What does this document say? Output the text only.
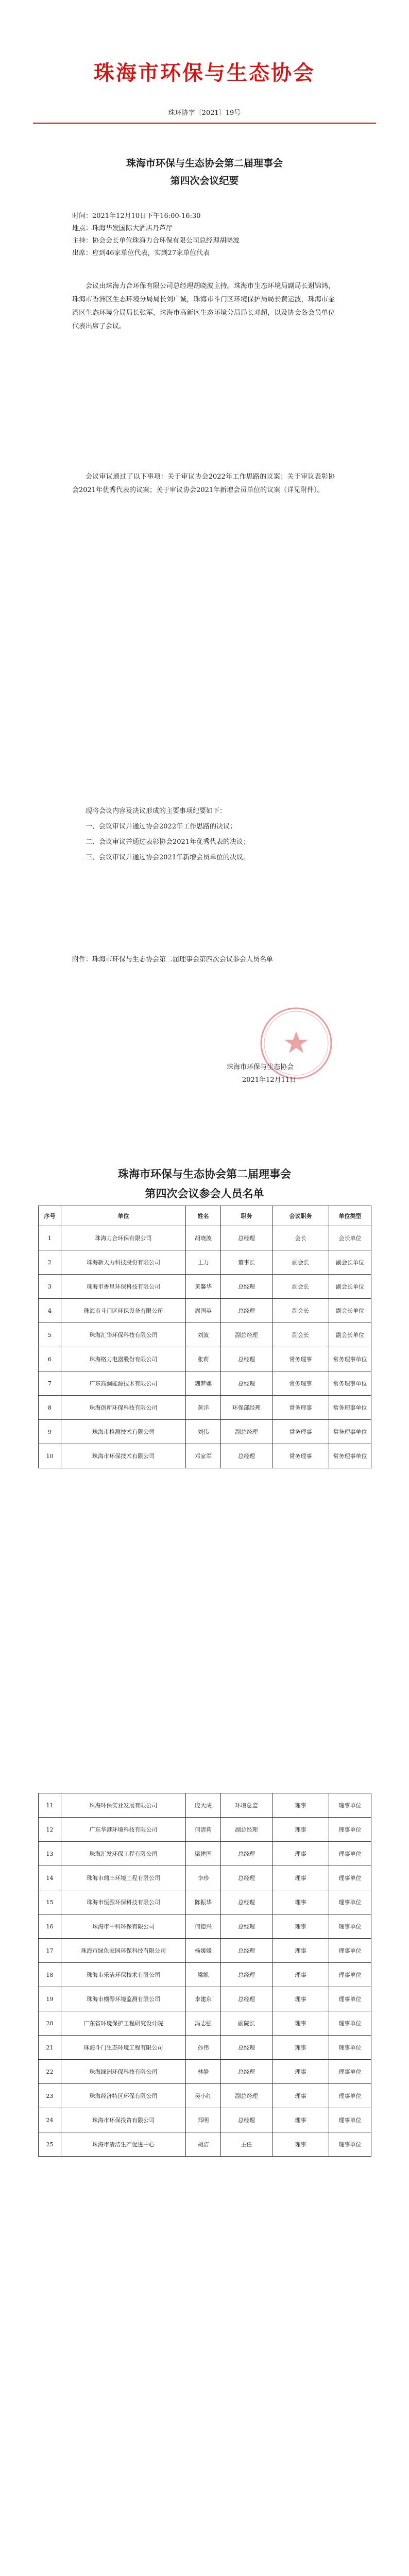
珠海市环保与生态协会
珠环协字〔2021〕19号
珠海市环保与生态协会第二届理事会
第四次会议纪要
时间： 2021年12月10日下午16:00-16:30
地点： 珠海华发国际大酒店丹芦厅
主持： 协会会长单位珠海力合环保有限公司总经理胡晓波
出席： 应到46家单位代表，实到27家单位代表

会议由珠海力合环保有限公司总经理胡晓波主持。珠海市生态环境局副局长谢锦鸿，珠海市香洲区生态环境分局局长刘广诚，珠海市斗门区环境保护局局长黄运波，珠海市金湾区生态环境分局局长张军，珠海市高新区生态环境分局局长邓超，以及协会各会员单位代表出席了会议。

会议审议通过了以下事项：关于审议协会2022年工作思路的议案；关于审议表彰协会2021年优秀代表的议案；关于审议协会2021年新增会员单位的议案（详见附件）。

现将会议内容及决议形成的主要事项纪要如下：
一、会议审议并通过协会2022年工作思路的决议；
二、会议审议并通过表彰协会2021年优秀代表的决议；
三、会议审议并通过协会2021年新增会员单位的决议。
附件：珠海市环保与生态协会第二届理事会第四次会议参会人员名单
珠海市环保与生态协会
2021年12月11日
珠海市环保与生态协会第二届理事会
第四次会议参会人员名单
序号	单位	姓名	职务	会议职务	单位类型
1	珠海力合环保有限公司	胡晓波	总经理	会长	会长单位
2	珠海新天力科技股份有限公司	王力	董事长	副会长	副会长单位
3	珠海市香星环保科技有限公司	黄馨华	总经理	副会长	副会长单位
4	珠海市斗门区环保设备有限公司	周国英	总经理	副会长	副会长单位
5	珠海汇华环保科技有限公司	刘波	副总经理	副会长	副会长单位
6	珠海格力电器股份有限公司	张莉	总经理	常务理事	常务理事单位
7	广东高澜能源技术有限公司	魏梦娜	总经理	常务理事	常务理事单位
8	珠海创新环保科技有限公司	黄洋	环保部经理	常务理事	常务理事单位
9	珠海市检测技术有限公司	刘伟	副总经理	常务理事	常务理事单位
10	珠海市环保技术有限公司	邓家军	总经理	常务理事	常务理事单位
11	珠海环保实业发展有限公司	庞大成	环境总监	理事	理事单位
12	广东华港环境科技有限公司	何清莉	副总经理	理事	理事单位
13	珠海汇发环保工程有限公司	梁建国	总经理	理事	理事单位
14	珠海市瑞丰环境工程有限公司	李珍	总经理	理事	理事单位
15	珠海市恒源环保科技有限公司	陈振华	总经理	理事	理事单位
16	珠海市中科环保有限公司	何德兴	总经理	理事	理事单位
17	珠海市绿色家园环保科技有限公司	杨媛媛	总经理	理事	理事单位
18	珠海市乐洁环保技术有限公司	梁凯	总经理	理事	理事单位
19	珠海市横琴环境监测有限公司	李建东	总经理	理事	理事单位
20	广东省环境保护工程研究设计院	冯志强	副院长	理事	理事单位
21	珠海斗门生态环境工程有限公司	孙伟	总经理	理事	理事单位
22	珠海绿洲环保科技有限公司	林静	总经理	理事	理事单位
23	珠海经济特区环保有限公司	吴小红	副总经理	理事	理事单位
24	珠海市环保投资有限公司	郑明	总经理	理事	理事单位
25	珠海市清洁生产促进中心	胡洁	主任	理事	理事单位
